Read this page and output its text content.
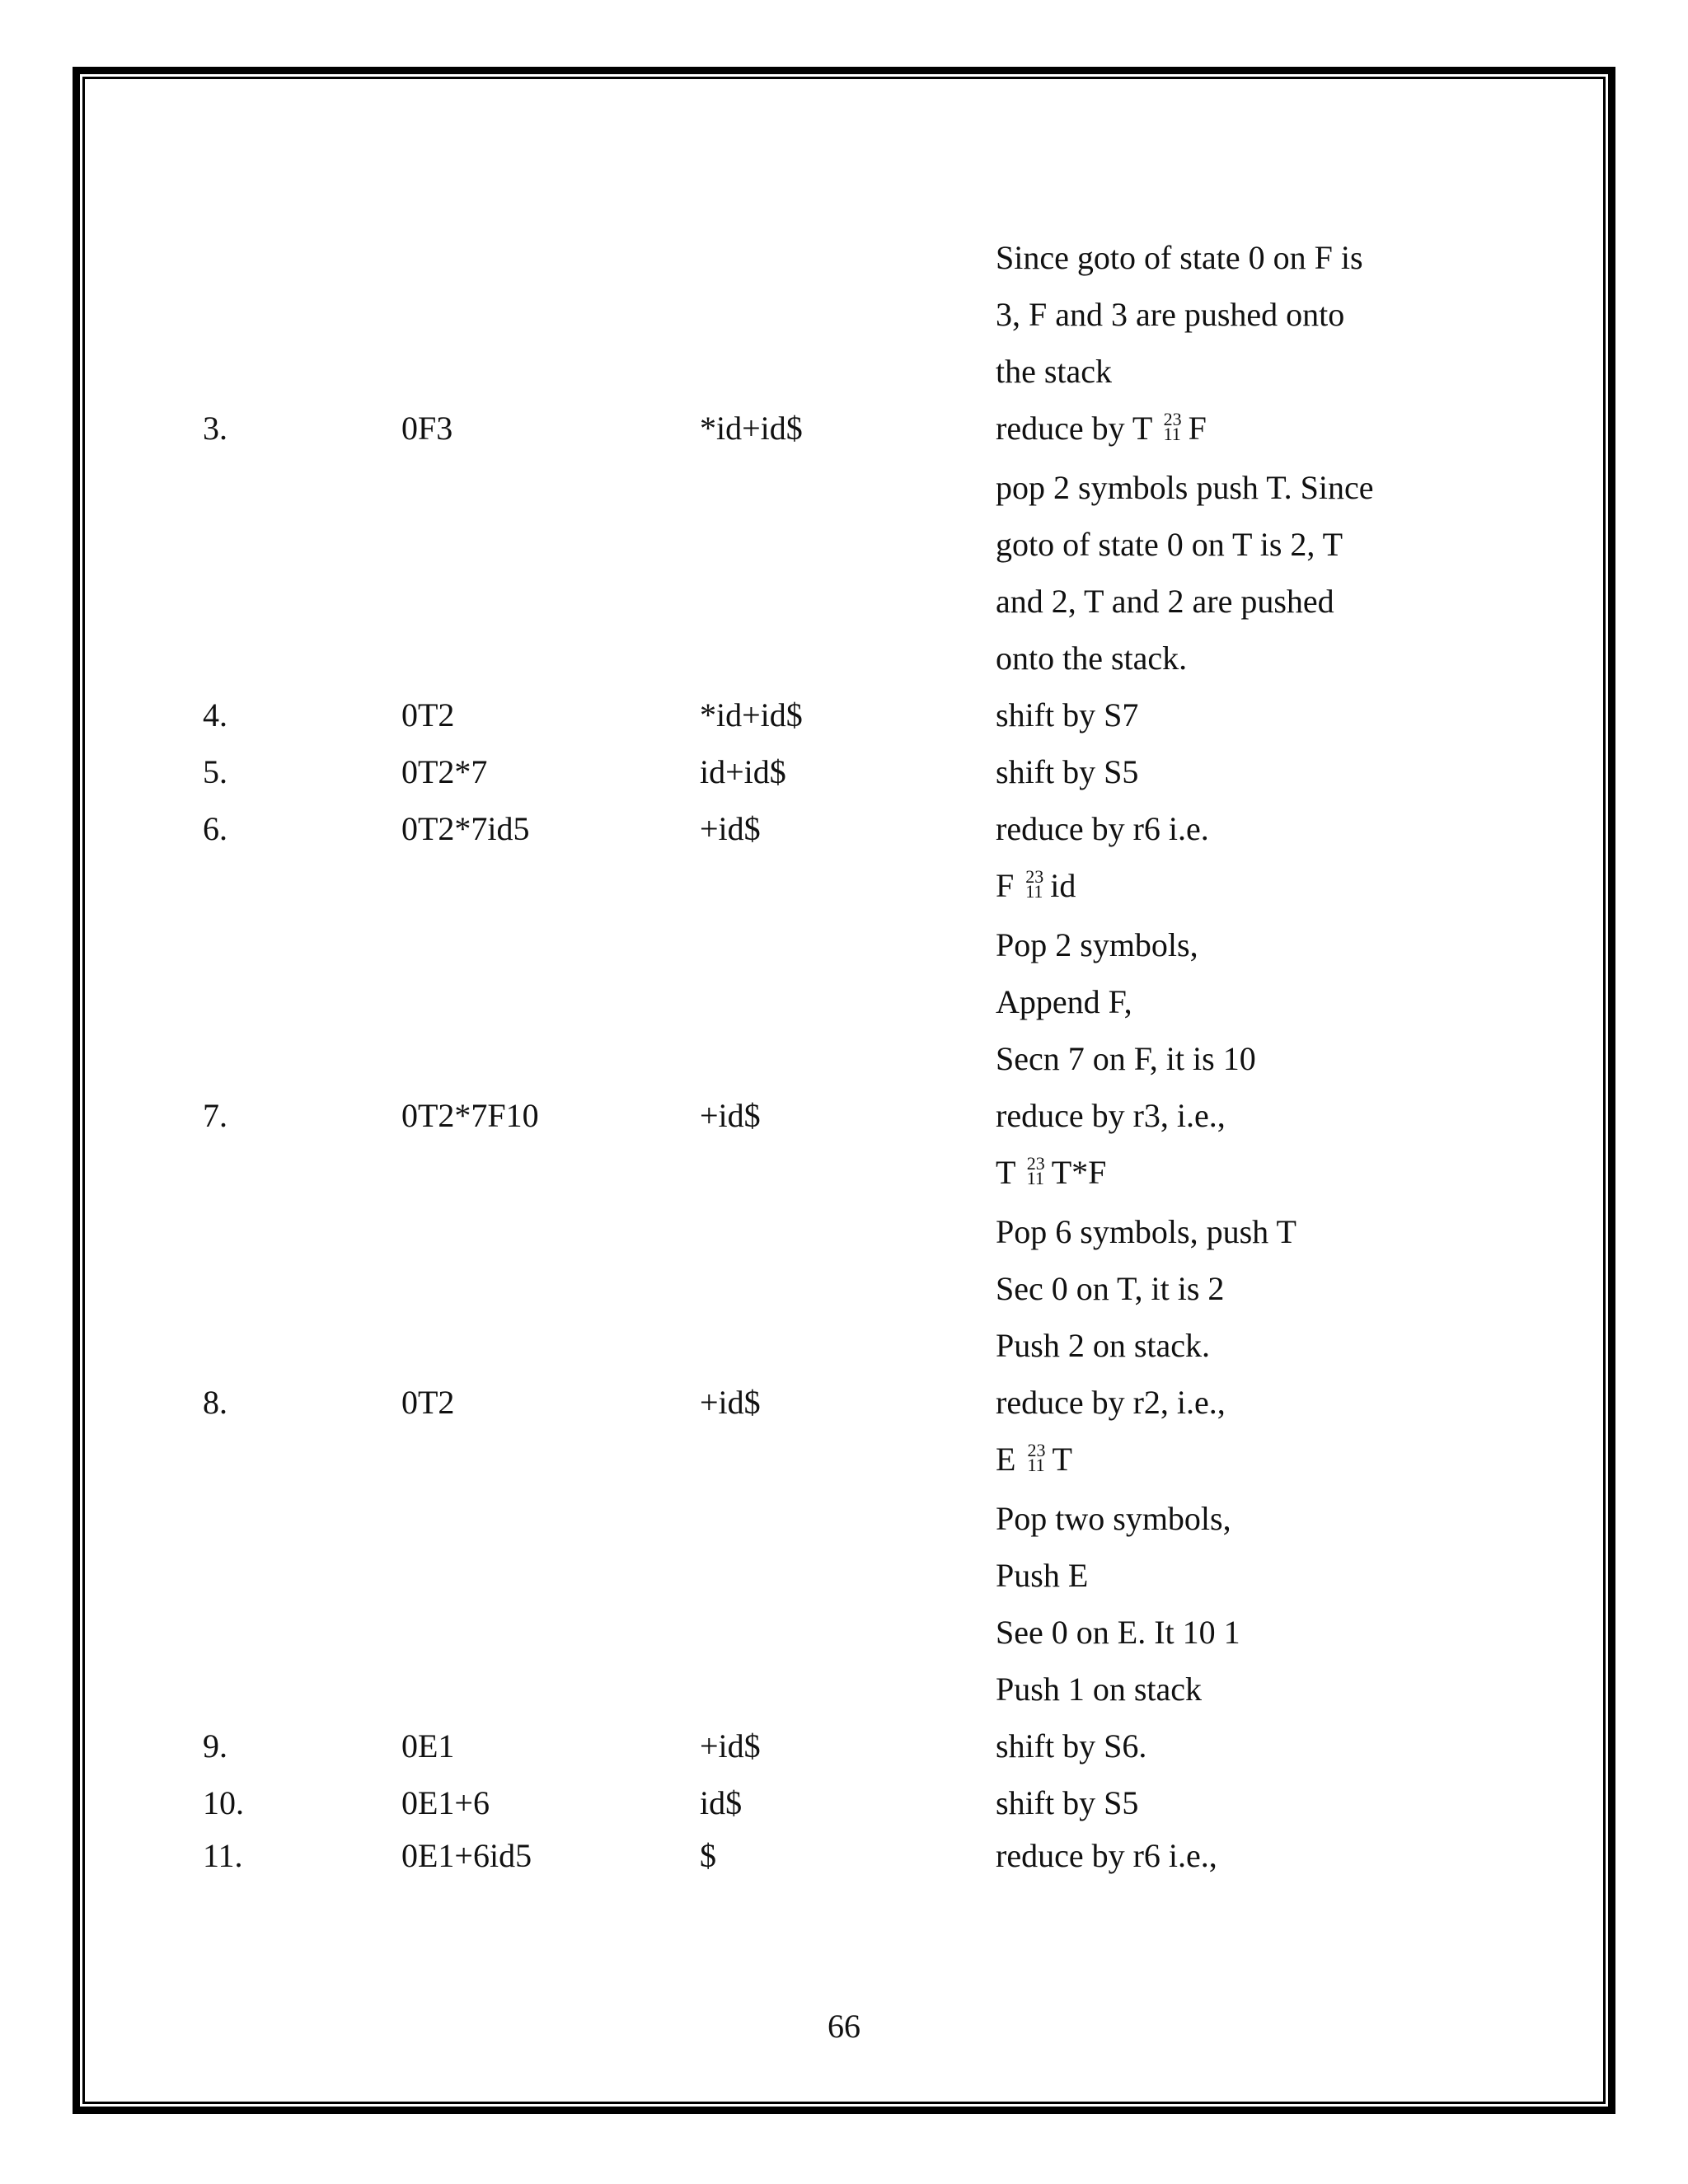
Since goto of state 0 on F is
3, F and 3 are pushed onto
the stack
3.	0F3	*id+id$	reduce by T 23
11 F
pop 2 symbols push T. Since
goto of state 0 on T is 2, T
and 2, T and 2 are pushed
onto the stack.
4.	0T2	*id+id$	shift by S7
5.	0T2*7	id+id$	shift by S5
6.	0T2*7id5	+id$	reduce by r6 i.e.
F 23
11 id
Pop 2 symbols,
Append F,
Secn 7 on F, it is 10
7.	0T2*7F10	+id$	reduce by r3, i.e.,
T 23
11 T*F
Pop 6 symbols, push T
Sec 0 on T, it is 2
Push 2 on stack.
8.	0T2	+id$	reduce by r2, i.e.,
E 23
11 T
Pop two symbols,
Push E
See 0 on E. It 10 1
Push 1 on stack
9.	0E1	+id$	shift by S6.
10.	0E1+6	id$	shift by S5
11.	0E1+6id5	$	reduce by r6 i.e.,
66
